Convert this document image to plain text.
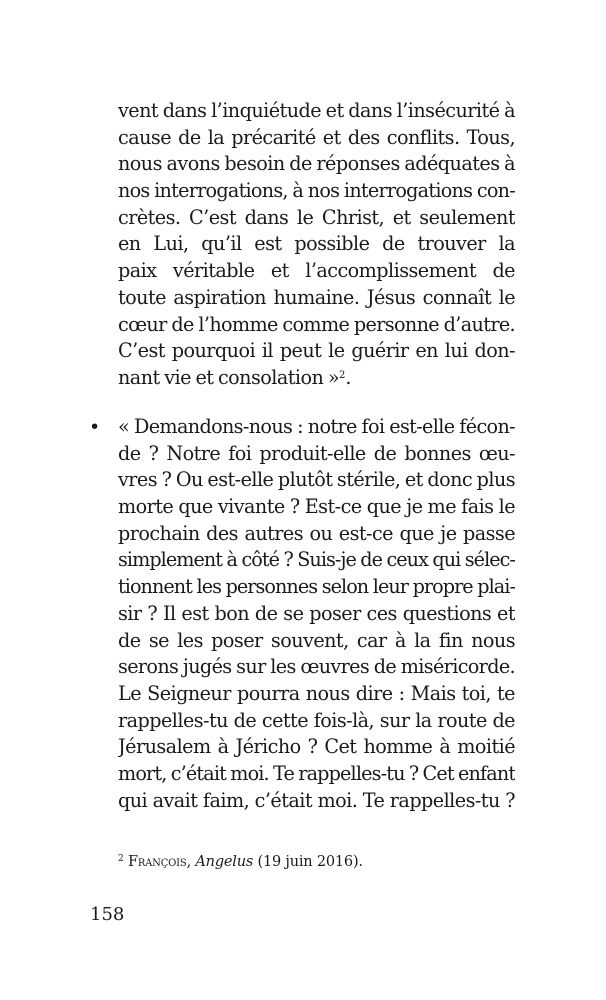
vent dans l’inquiétude et dans l’insécurité à
cause de la précarité et des conflits. Tous,
nous avons besoin de réponses adéquates à
nos interrogations, à nos interrogations con-
crètes. C’est dans le Christ, et seulement
en Lui, qu’il est possible de trouver la
paix véritable et l’accomplissement de
toute aspiration humaine. Jésus connaît le
cœur de l’homme comme personne d’autre.
C’est pourquoi il peut le guérir en lui don-
nant vie et consolation »$^2$.
• « Demandons-nous : notre foi est-elle fécon-
de ? Notre foi produit-elle de bonnes œu-
vres ? Ou est-elle plutôt stérile, et donc plus
morte que vivante ? Est-ce que je me fais le
prochain des autres ou est-ce que je passe
simplement à côté ? Suis-je de ceux qui sélec-
tionnent les personnes selon leur propre plai-
sir ? Il est bon de se poser ces questions et
de se les poser souvent, car à la fin nous
serons jugés sur les œuvres de miséricorde.
Le Seigneur pourra nous dire : Mais toi, te
rappelles-tu de cette fois-là, sur la route de
Jérusalem à Jéricho ? Cet homme à moitié
mort, c’était moi. Te rappelles-tu ? Cet enfant
qui avait faim, c’était moi. Te rappelles-tu ?
$^2$ François, Angelus (19 juin 2016).
158
